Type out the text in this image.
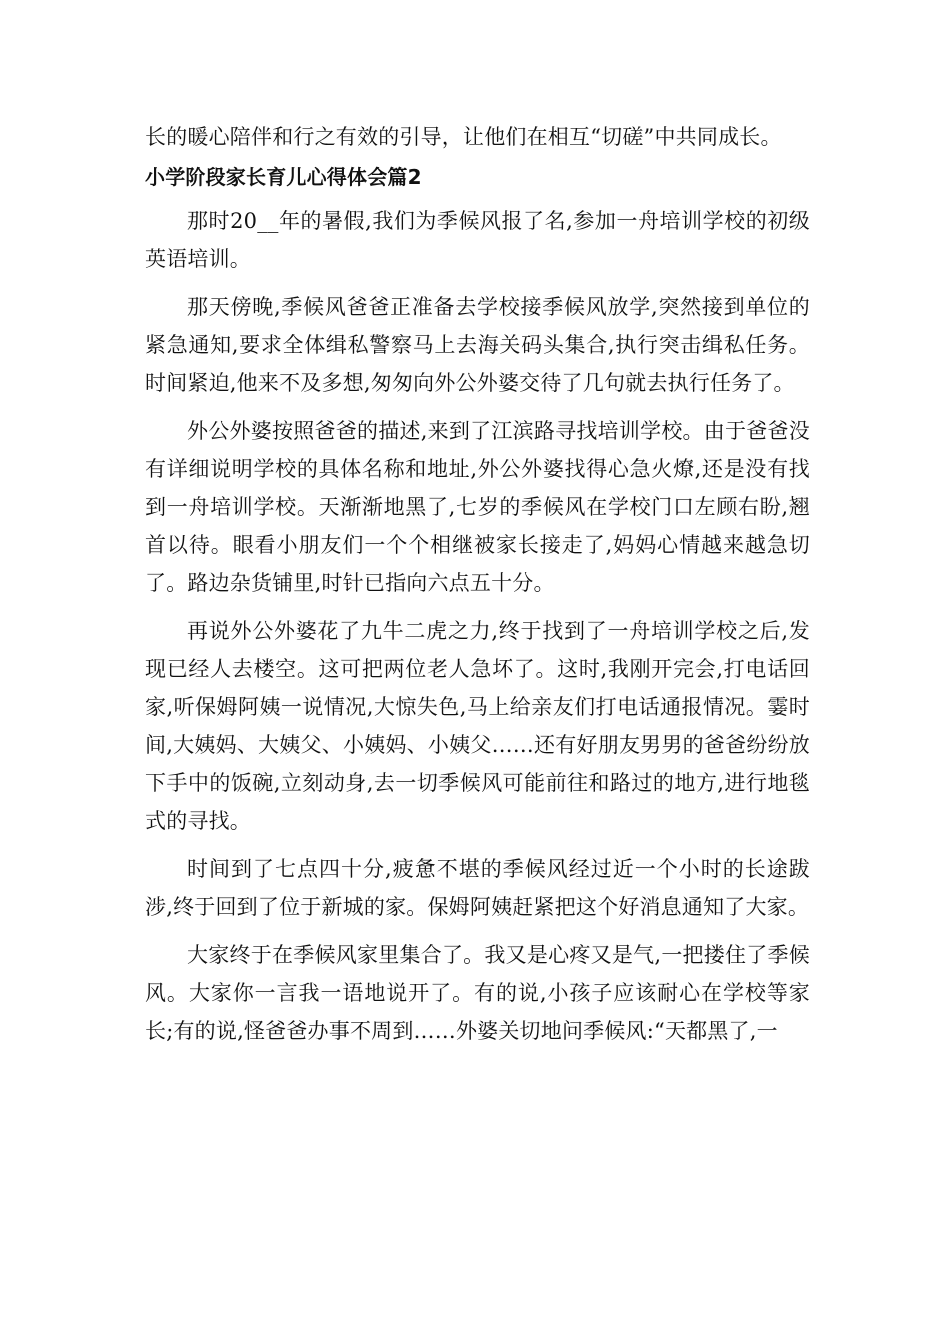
长的暖心陪伴和行之有效的引导，让他们在相互“切磋”中共同成长。

小学阶段家长育儿心得体会篇2

那时20__年的暑假,我们为季候风报了名,参加一舟培训学校的初级英语培训。

那天傍晚,季候风爸爸正准备去学校接季候风放学,突然接到单位的紧急通知,要求全体缉私警察马上去海关码头集合,执行突击缉私任务。时间紧迫,他来不及多想,匆匆向外公外婆交待了几句就去执行任务了。

外公外婆按照爸爸的描述,来到了江滨路寻找培训学校。由于爸爸没有详细说明学校的具体名称和地址,外公外婆找得心急火燎,还是没有找到一舟培训学校。天渐渐地黑了,七岁的季候风在学校门口左顾右盼,翘首以待。眼看小朋友们一个个相继被家长接走了,妈妈心情越来越急切了。路边杂货铺里,时针已指向六点五十分。

再说外公外婆花了九牛二虎之力,终于找到了一舟培训学校之后,发现已经人去楼空。这可把两位老人急坏了。这时,我刚开完会,打电话回家,听保姆阿姨一说情况,大惊失色,马上给亲友们打电话通报情况。霎时间,大姨妈、大姨父、小姨妈、小姨父……还有好朋友男男的爸爸纷纷放下手中的饭碗,立刻动身,去一切季候风可能前往和路过的地方,进行地毯式的寻找。

时间到了七点四十分,疲惫不堪的季候风经过近一个小时的长途跋涉,终于回到了位于新城的家。保姆阿姨赶紧把这个好消息通知了大家。

大家终于在季候风家里集合了。我又是心疼又是气,一把搂住了季候风。大家你一言我一语地说开了。有的说,小孩子应该耐心在学校等家长;有的说,怪爸爸办事不周到……外婆关切地问季候风:“天都黑了,一
